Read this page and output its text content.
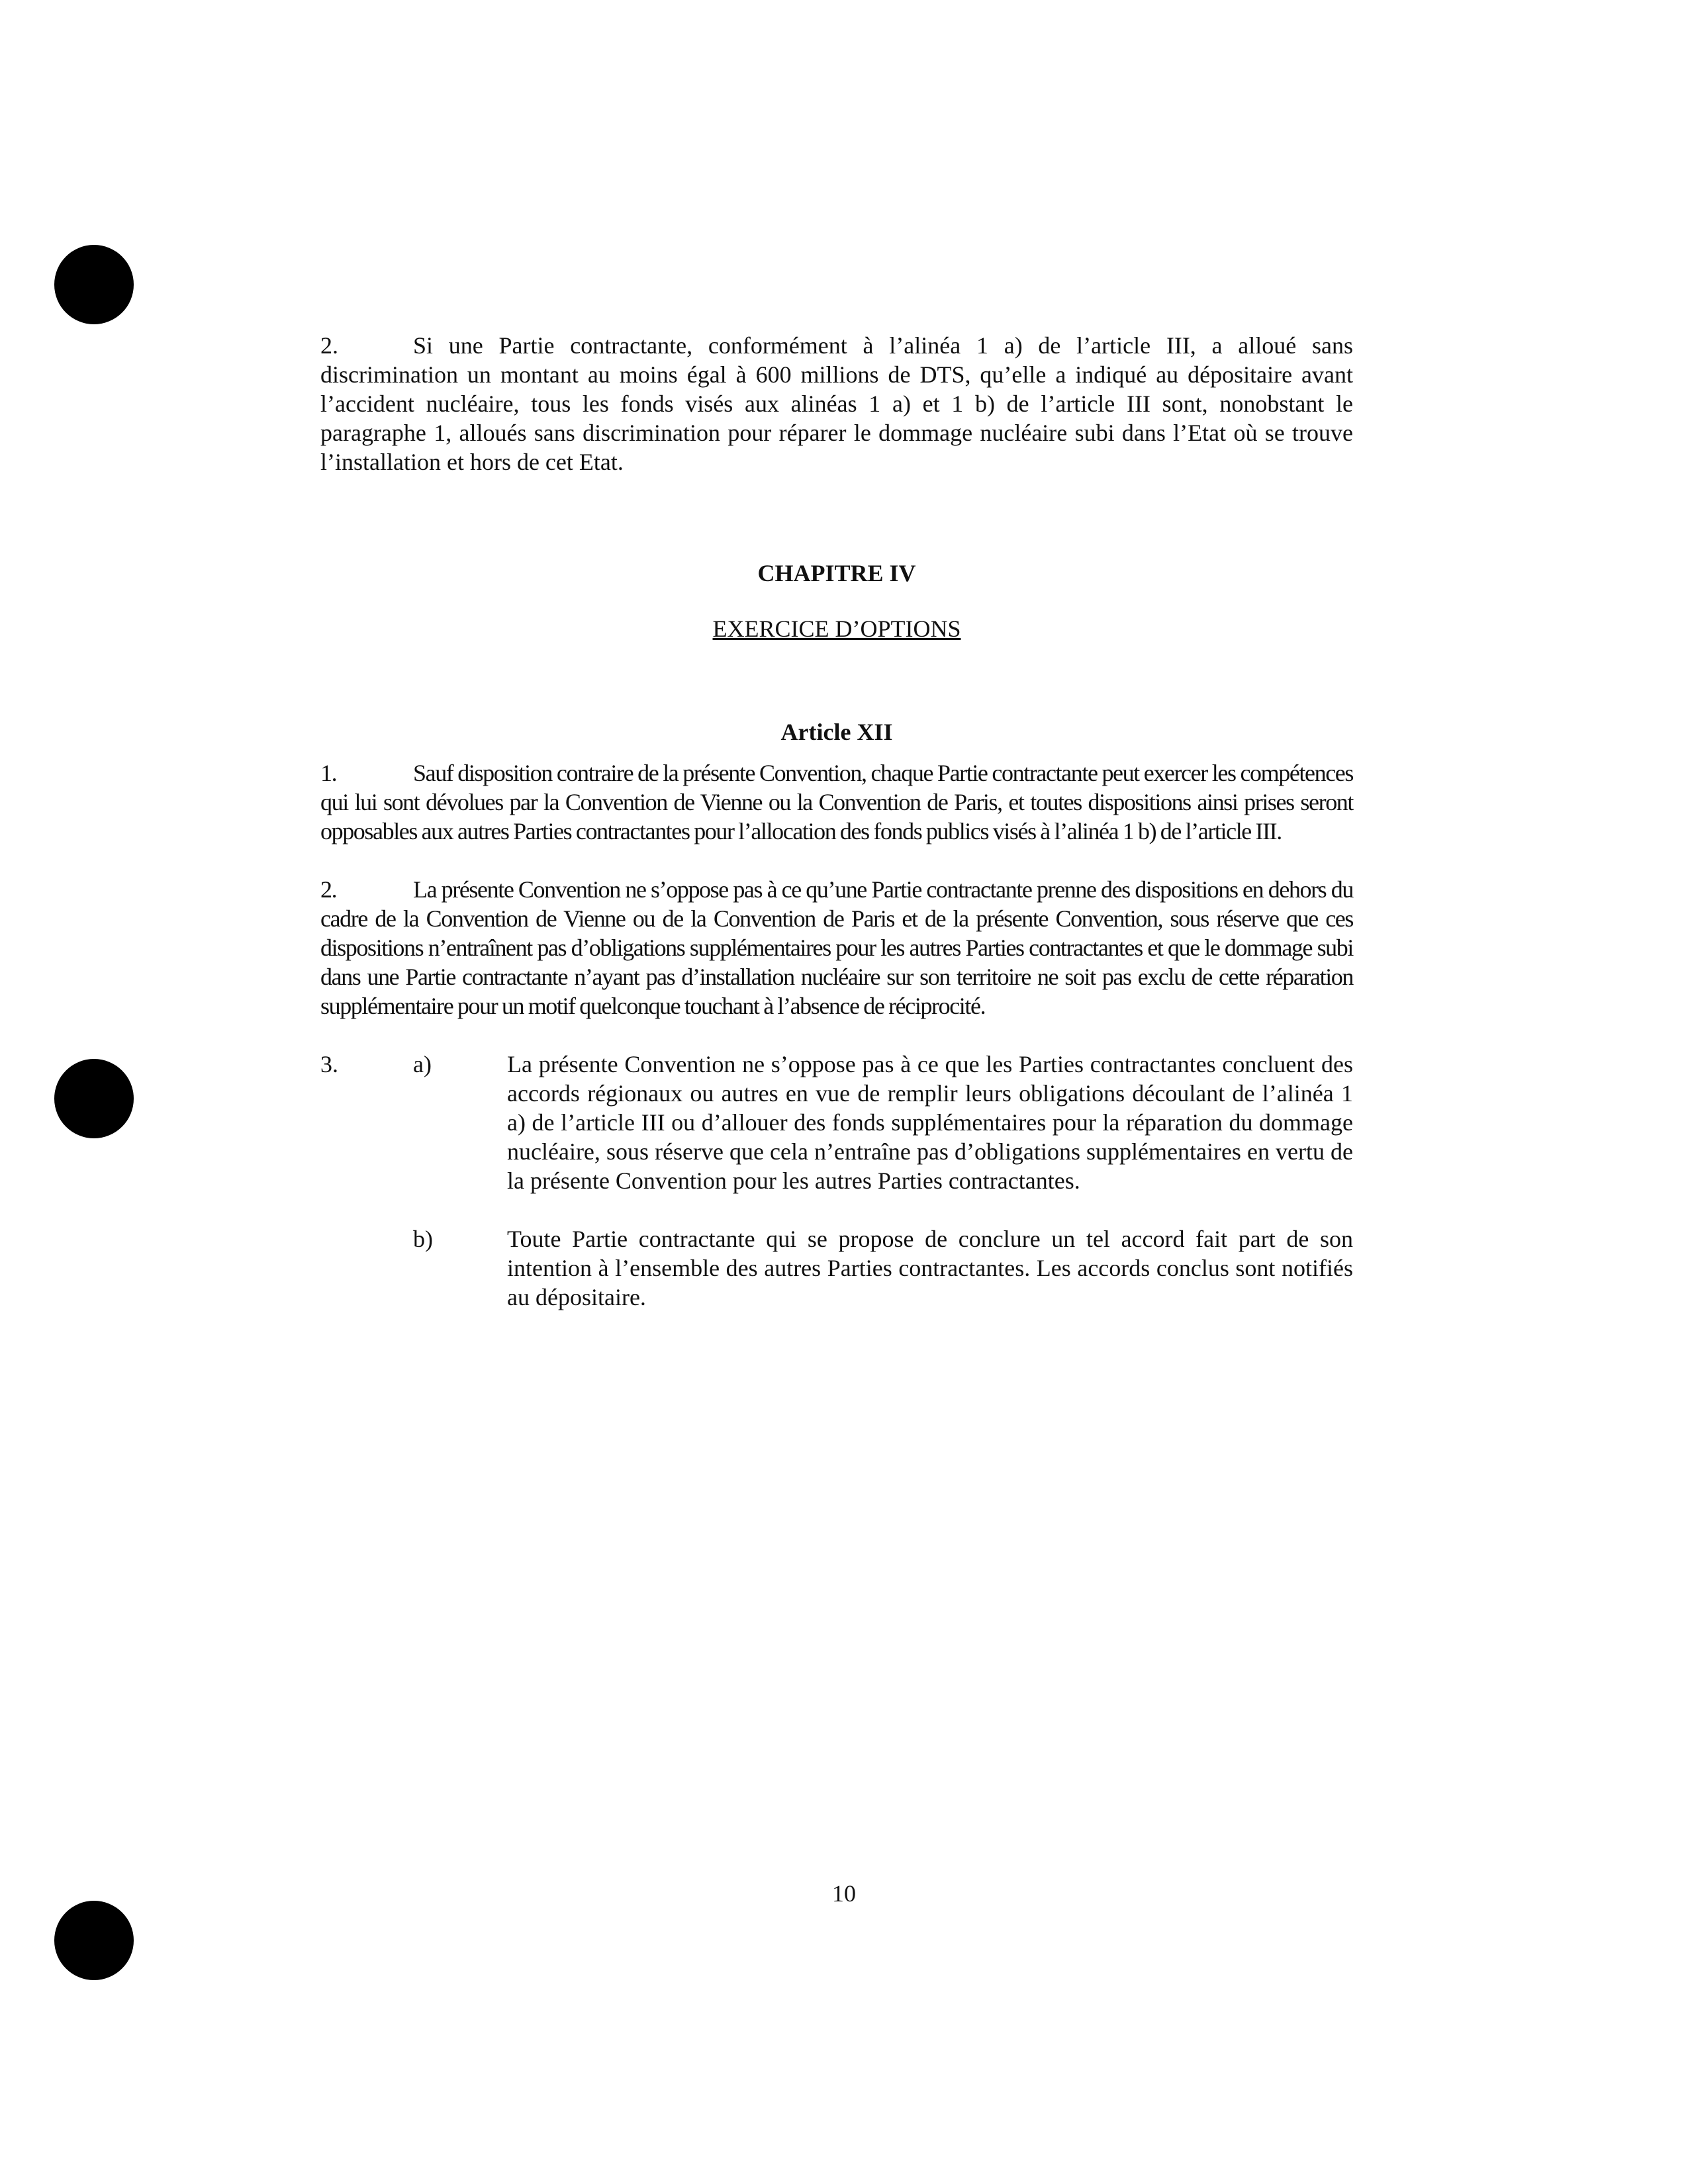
2.	Si une Partie contractante, conformément à l’alinéa 1 a) de l’article III, a alloué sans discrimination un montant au moins égal à 600 millions de DTS, qu’elle a indiqué au dépositaire avant l’accident nucléaire, tous les fonds visés aux alinéas 1 a) et 1 b) de l’article III sont, nonobstant le paragraphe 1, alloués sans discrimination pour réparer le dommage nucléaire subi dans l’Etat où se trouve l’installation et hors de cet Etat.

CHAPITRE IV

EXERCICE D’OPTIONS

Article XII

1.	Sauf disposition contraire de la présente Convention, chaque Partie contractante peut exercer les compétences qui lui sont dévolues par la Convention de Vienne ou la Convention de Paris, et toutes dispositions ainsi prises seront opposables aux autres Parties contractantes pour l’allocation des fonds publics visés à l’alinéa 1 b) de l’article III.

2.	La présente Convention ne s’oppose pas à ce qu’une Partie contractante prenne des dispositions en dehors du cadre de la Convention de Vienne ou de la Convention de Paris et de la présente Convention, sous réserve que ces dispositions n’entraînent pas d’obligations supplémentaires pour les autres Parties contractantes et que le dommage subi dans une Partie contractante n’ayant pas d’installation nucléaire sur son territoire ne soit pas exclu de cette réparation supplémentaire pour un motif quelconque touchant à l’absence de réciprocité.

3.	a)	La présente Convention ne s’oppose pas à ce que les Parties contractantes concluent des accords régionaux ou autres en vue de remplir leurs obligations découlant de l’alinéa 1 a) de l’article III ou d’allouer des fonds supplémentaires pour la réparation du dommage nucléaire, sous réserve que cela n’entraîne pas d’obligations supplémentaires en vertu de la présente Convention pour les autres Parties contractantes.
b)	Toute Partie contractante qui se propose de conclure un tel accord fait part de son intention à l’ensemble des autres Parties contractantes. Les accords conclus sont notifiés au dépositaire.
10
